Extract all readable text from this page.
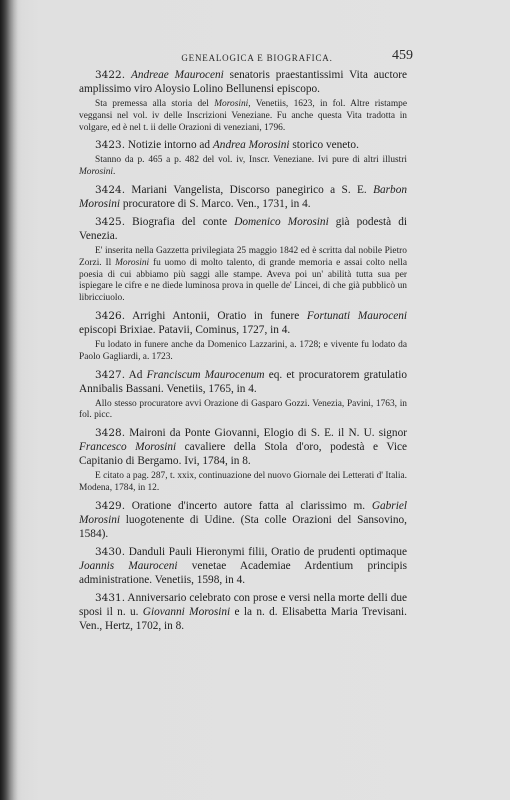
GENEALOGICA E BIOGRAFICA.	459

3422. Andreae Mauroceni senatoris praestantissimi Vita auctore amplissimo viro Aloysio Lolino Bellunensi episcopo.

Sta premessa alla storia del Morosini, Venetiis, 1623, in fol. Altre ristampe veggansi nel vol. iv delle Inscrizioni Veneziane. Fu anche questa Vita tradotta in volgare, ed è nel t. ii delle Orazioni di veneziani, 1796.

3423. Notizie intorno ad Andrea Morosini storico veneto.

Stanno da p. 465 a p. 482 del vol. iv, Inscr. Veneziane. Ivi pure di altri illustri Morosini.

3424. Mariani Vangelista, Discorso panegirico a S. E. Barbon Morosini procuratore di S. Marco. Ven., 1731, in 4.

3425. Biografia del conte Domenico Morosini già podestà di Venezia.

E' inserita nella Gazzetta privilegiata 25 maggio 1842 ed è scritta dal nobile Pietro Zorzi. Il Morosini fu uomo di molto talento, di grande memoria e assai colto nella poesia di cui abbiamo più saggi alle stampe. Aveva poi un' abilità tutta sua per ispiegare le cifre e ne diede luminosa prova in quelle de' Lincei, di che già pubblicò un libricciuolo.

3426. Arrighi Antonii, Oratio in funere Fortunati Mauroceni episcopi Brixiae. Patavii, Cominus, 1727, in 4.

Fu lodato in funere anche da Domenico Lazzarini, a. 1728; e vivente fu lodato da Paolo Gagliardi, a. 1723.

3427. Ad Franciscum Maurocenum eq. et procuratorem gratulatio Annibalis Bassani. Venetiis, 1765, in 4.

Allo stesso procuratore avvi Orazione di Gasparo Gozzi. Venezia, Pavini, 1763, in fol. picc.

3428. Maironi da Ponte Giovanni, Elogio di S. E. il N. U. signor Francesco Morosini cavaliere della Stola d'oro, podestà e Vice Capitanio di Bergamo. Ivi, 1784, in 8.

E citato a pag. 287, t. xxix, continuazione del nuovo Giornale dei Letterati d' Italia. Modena, 1784, in 12.

3429. Oratione d'incerto autore fatta al clarissimo m. Gabriel Morosini luogotenente di Udine. (Sta colle Orazioni del Sansovino, 1584).

3430. Danduli Pauli Hieronymi filii, Oratio de prudenti optimaque Joannis Mauroceni venetae Academiae Ardentium principis administratione. Venetiis, 1598, in 4.

3431. Anniversario celebrato con prose e versi nella morte delli due sposi il n. u. Giovanni Morosini e la n. d. Elisabetta Maria Trevisani. Ven., Hertz, 1702, in 8.
